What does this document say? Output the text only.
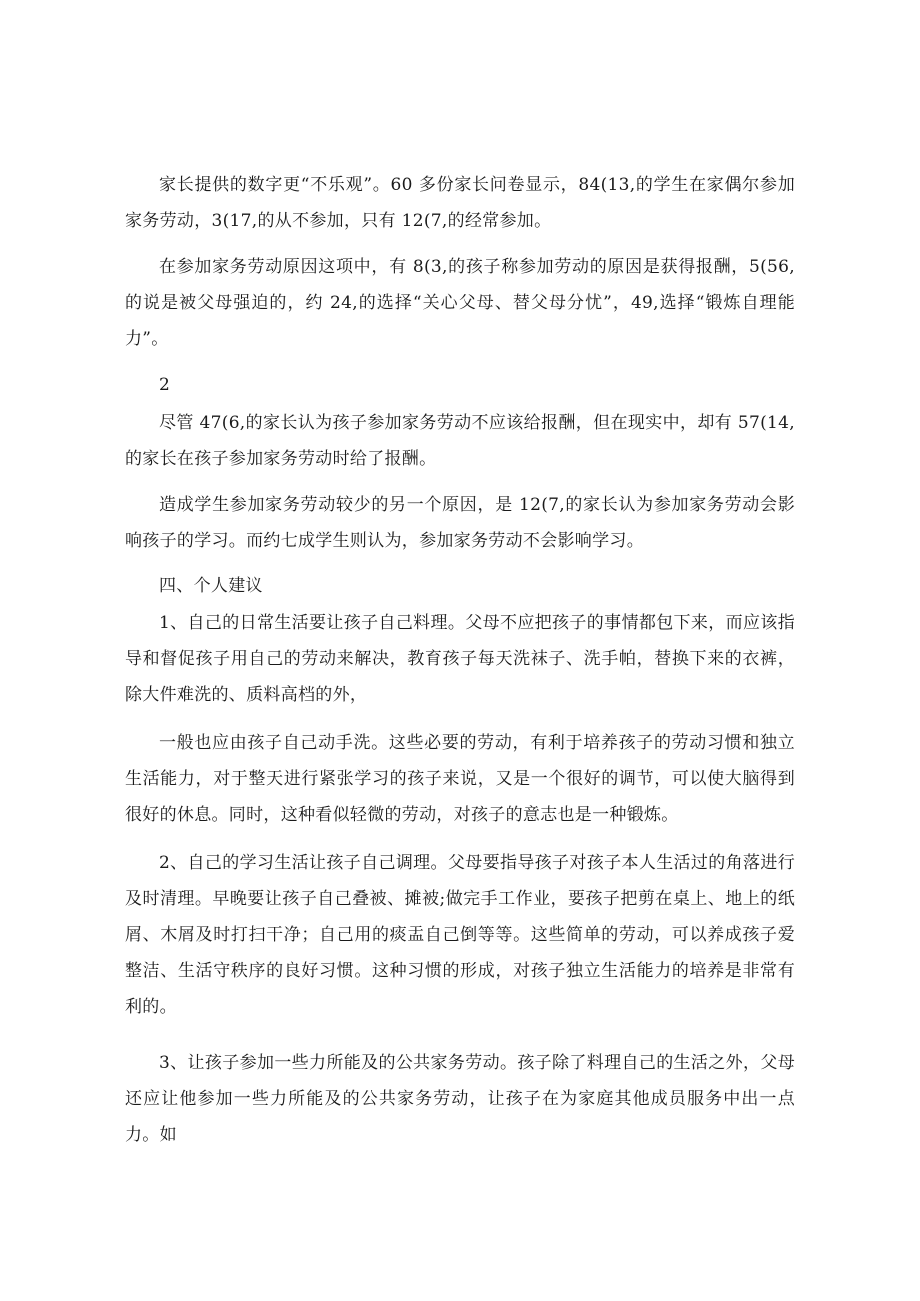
家长提供的数字更“不乐观”。60 多份家长问卷显示，84(13,的学生在家偶尔参加家务劳动，3(17,的从不参加，只有 12(7,的经常参加。

在参加家务劳动原因这项中，有 8(3,的孩子称参加劳动的原因是获得报酬，5(56,的说是被父母强迫的，约 24,的选择“关心父母、替父母分忧”，49,选择“锻炼自理能力”。

2

尽管 47(6,的家长认为孩子参加家务劳动不应该给报酬，但在现实中，却有 57(14,的家长在孩子参加家务劳动时给了报酬。

造成学生参加家务劳动较少的另一个原因，是 12(7,的家长认为参加家务劳动会影响孩子的学习。而约七成学生则认为，参加家务劳动不会影响学习。

四、个人建议

1、自己的日常生活要让孩子自己料理。父母不应把孩子的事情都包下来，而应该指导和督促孩子用自己的劳动来解决，教育孩子每天洗袜子、洗手帕，替换下来的衣裤，除大件难洗的、质料高档的外，

一般也应由孩子自己动手洗。这些必要的劳动，有利于培养孩子的劳动习惯和独立生活能力，对于整天进行紧张学习的孩子来说，又是一个很好的调节，可以使大脑得到很好的休息。同时，这种看似轻微的劳动，对孩子的意志也是一种锻炼。

2、自己的学习生活让孩子自己调理。父母要指导孩子对孩子本人生活过的角落进行及时清理。早晚要让孩子自己叠被、摊被;做完手工作业，要孩子把剪在桌上、地上的纸屑、木屑及时打扫干净；自己用的痰盂自己倒等等。这些简单的劳动，可以养成孩子爱整洁、生活守秩序的良好习惯。这种习惯的形成，对孩子独立生活能力的培养是非常有利的。

3、让孩子参加一些力所能及的公共家务劳动。孩子除了料理自己的生活之外，父母还应让他参加一些力所能及的公共家务劳动，让孩子在为家庭其他成员服务中出一点力。如
